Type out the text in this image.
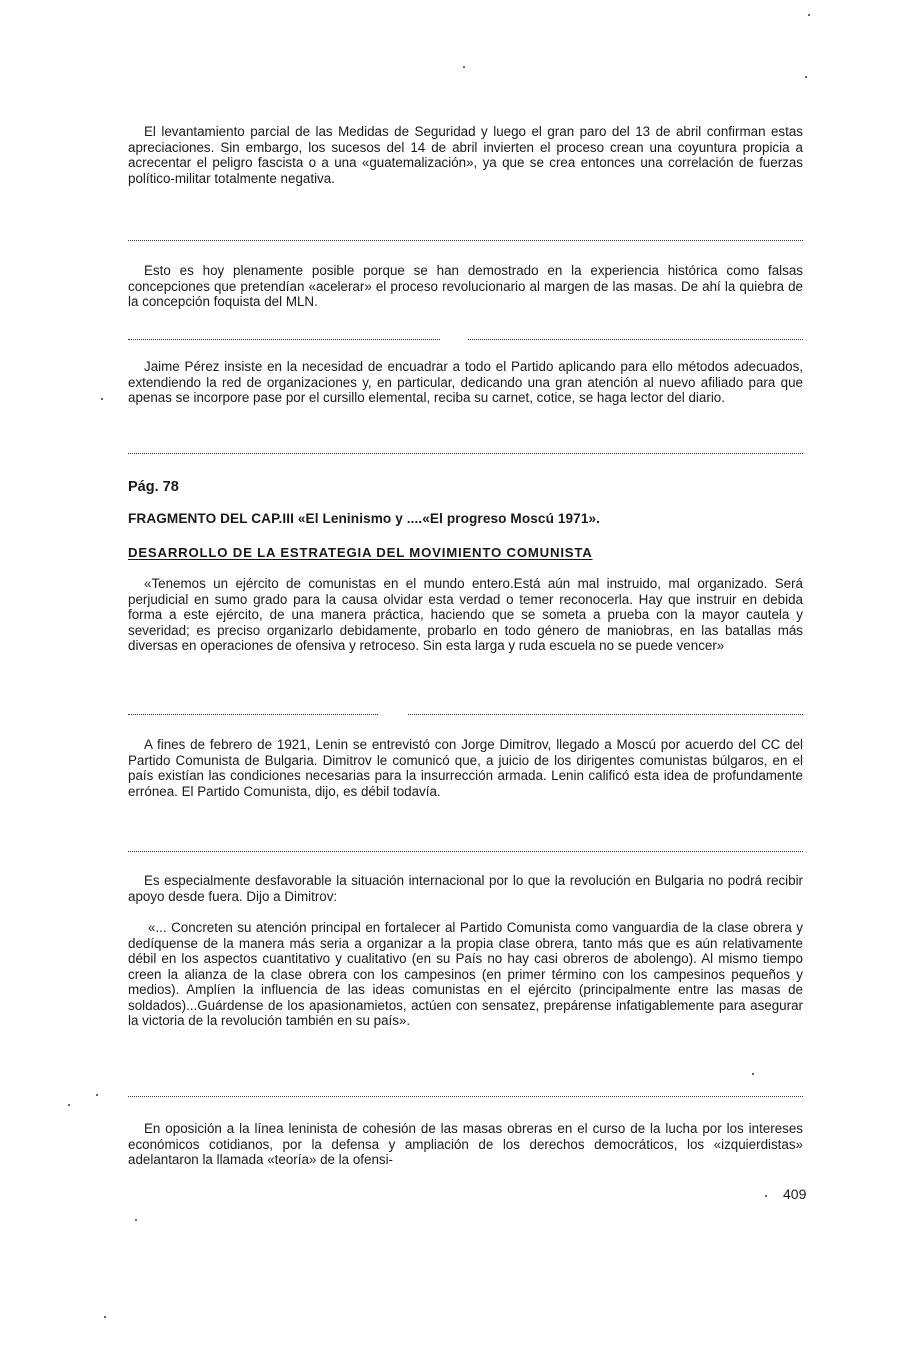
El levantamiento parcial de las Medidas de Seguridad y luego el gran paro del 13 de abril confirman estas apreciaciones. Sin embargo, los sucesos del 14 de abril invierten el proceso crean una coyuntura propicia a acrecentar el peligro fascista o a una «guatemalización», ya que se crea entonces una correlación de fuerzas político-militar totalmente negativa.

Esto es hoy plenamente posible porque se han demostrado en la experiencia histórica como falsas concepciones que pretendían «acelerar» el proceso revolucionario al margen de las masas. De ahí la quiebra de la concepción foquista del MLN.

Jaime Pérez insiste en la necesidad de encuadrar a todo el Partido aplicando para ello métodos adecuados, extendiendo la red de organizaciones y, en particular, dedicando una gran atención al nuevo afiliado para que apenas se incorpore pase por el cursillo elemental, reciba su carnet, cotice, se haga lector del diario.

Pág. 78
FRAGMENTO DEL CAP.III «El Leninismo y ....«El progreso Moscú 1971».
DESARROLLO DE LA ESTRATEGIA DEL MOVIMIENTO COMUNISTA

«Tenemos un ejército de comunistas en el mundo entero.Está aún mal instruido, mal organizado. Será perjudicial en sumo grado para la causa olvidar esta verdad o temer reconocerla. Hay que instruir en debida forma a este ejército, de una manera práctica, haciendo que se someta a prueba con la mayor cautela y severidad; es preciso organizarlo debidamente, probarlo en todo género de maniobras, en las batallas más diversas en operaciones de ofensiva y retroceso. Sin esta larga y ruda escuela no se puede vencer»

A fines de febrero de 1921, Lenin se entrevistó con Jorge Dimitrov, llegado a Moscú por acuerdo del CC del Partido Comunista de Bulgaria. Dimitrov le comunicó que, a juicio de los dirigentes comunistas búlgaros, en el país existían las condiciones necesarias para la insurrección armada. Lenin calificó esta idea de profundamente errónea. El Partido Comunista, dijo, es débil todavía.

Es especialmente desfavorable la situación internacional por lo que la revolución en Bulgaria no podrá recibir apoyo desde fuera. Dijo a Dimitrov:

«... Concreten su atención principal en fortalecer al Partido Comunista como vanguardia de la clase obrera y dedíquense de la manera más seria a organizar a la propia clase obrera, tanto más que es aún relativamente débil en los aspectos cuantitativo y cualitativo (en su País no hay casi obreros de abolengo). Al mismo tiempo creen la alianza de la clase obrera con los campesinos (en primer término con los campesinos pequeños y medios). Amplíen la influencia de las ideas comunistas en el ejército (principalmente entre las masas de soldados)...Guárdense de los apasionamietos, actúen con sensatez, prepárense infatigablemente para asegurar la victoria de la revolución también en su país».

En oposición a la línea leninista de cohesión de las masas obreras en el curso de la lucha por los intereses económicos cotidianos, por la defensa y ampliación de los derechos democráticos, los «izquierdistas» adelantaron la llamada «teoría» de la ofensi-

409
